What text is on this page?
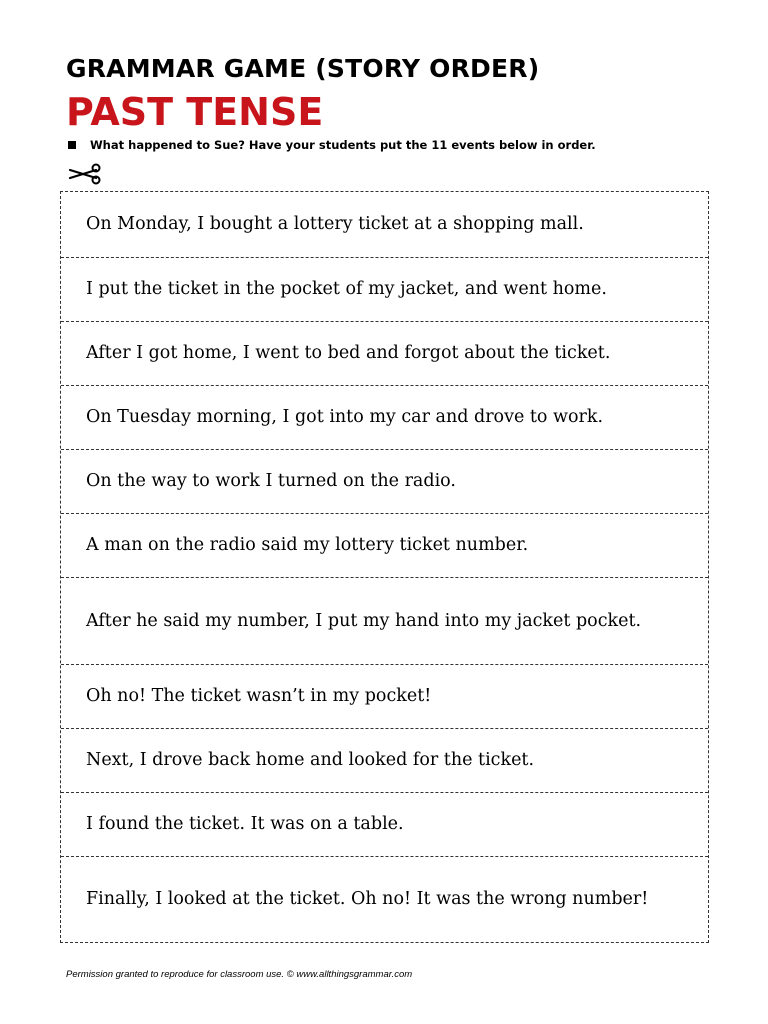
GRAMMAR GAME (STORY ORDER)
PAST TENSE
What happened to Sue? Have your students put the 11 events below in order.
On Monday, I bought a lottery ticket at a shopping mall.
I put the ticket in the pocket of my jacket, and went home.
After I got home, I went to bed and forgot about the ticket.
On Tuesday morning, I got into my car and drove to work.
On the way to work I turned on the radio.
A man on the radio said my lottery ticket number.
After he said my number, I put my hand into my jacket pocket.
Oh no! The ticket wasn’t in my pocket!
Next, I drove back home and looked for the ticket.
I found the ticket. It was on a table.
Finally, I looked at the ticket. Oh no! It was the wrong number!
Permission granted to reproduce for classroom use. © www.allthingsgrammar.com
